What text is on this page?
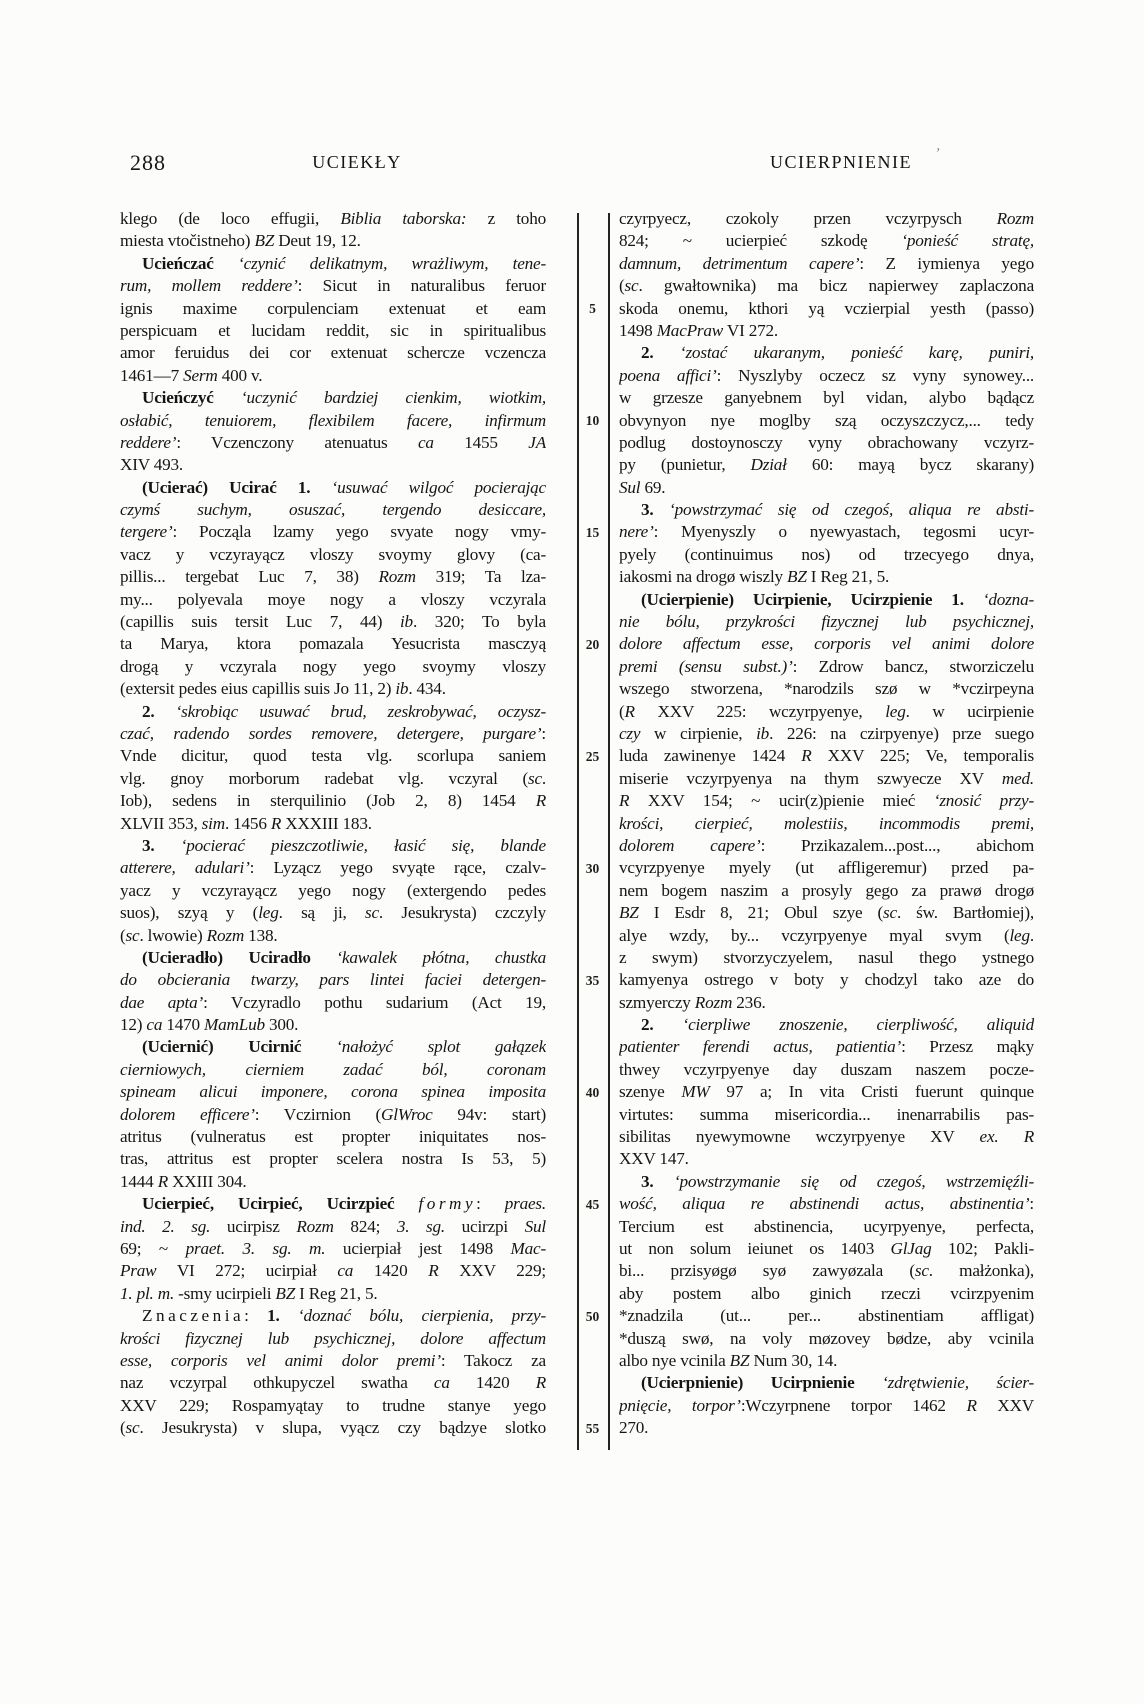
288	UCIEKŁY	UCIERPNIENIE
5
10
15
20
25
30
35
40
45
50
55
klego (de loco effugii, Biblia taborska: z toho
miesta vtočistneho) BZ Deut 19, 12.
Ucieńczać ‘czynić delikatnym, wrażliwym, tene-
rum, mollem reddere’: Sicut in naturalibus feruor
ignis maxime corpulenciam extenuat et eam
perspicuam et lucidam reddit, sic in spiritualibus
amor feruidus dei cor extenuat schercze vczencza
1461—7 Serm 400 v.
Ucieńczyć ‘uczynić bardziej cienkim, wiotkim,
osłabić, tenuiorem, flexibilem facere, infirmum
reddere’: Vczenczony atenuatus ca 1455 JA
XIV 493.
(Ucierać) Ucirać 1. ‘usuwać wilgoć pocierając
czymś suchym, osuszać, tergendo desiccare,
tergere’: Począla lzamy yego svyate nogy vmy-
vacz y vczyrayącz vloszy svoymy glovy (ca-
pillis... tergebat Luc 7, 38) Rozm 319; Ta lza-
my... polyevala moye nogy a vloszy vczyrala
(capillis suis tersit Luc 7, 44) ib. 320; To byla
ta Marya, ktora pomazala Yesucrista masczyą
drogą y vczyrala nogy yego svoymy vloszy
(extersit pedes eius capillis suis Jo 11, 2) ib. 434.
2. ‘skrobiąc usuwać brud, zeskrobywać, oczysz-
czać, radendo sordes removere, detergere, purgare’:
Vnde dicitur, quod testa vlg. scorlupa saniem
vlg. gnoy morborum radebat vlg. vczyral (sc.
Iob), sedens in sterquilinio (Job 2, 8) 1454 R
XLVII 353, sim. 1456 R XXXIII 183.
3. ‘pocierać pieszczotliwie, łasić się, blande
atterere, adulari’: Lyzącz yego svyąte rące, czalv-
yacz y vczyrayącz yego nogy (extergendo pedes
suos), szyą y (leg. są ji, sc. Jesukrysta) czczyly
(sc. lwowie) Rozm 138.
(Ucieradło) Uciradło ‘kawalek płótna, chustka
do obcierania twarzy, pars lintei faciei detergen-
dae apta’: Vczyradlo pothu sudarium (Act 19,
12) ca 1470 MamLub 300.
(Uciernić) Ucirnić ‘nałożyć splot gałązek
cierniowych, cierniem zadać ból, coronam
spineam alicui imponere, corona spinea imposita
dolorem efficere’: Vczirnion (GlWroc 94v: start)
atritus (vulneratus est propter iniquitates nos-
tras, attritus est propter scelera nostra Is 53, 5)
1444 R XXIII 304.
Ucierpieć, Ucirpieć, Ucirzpieć formy: praes.
ind. 2. sg. ucirpisz Rozm 824; 3. sg. ucirzpi Sul
69; ~ praet. 3. sg. m. ucierpiał jest 1498 Mac-
Praw VI 272; ucirpiał ca 1420 R XXV 229;
1. pl. m. -smy ucirpieli BZ I Reg 21, 5.
Znaczenia: 1. ‘doznać bólu, cierpienia, przy-
krości fizycznej lub psychicznej, dolore affectum
esse, corporis vel animi dolor premi’: Takocz za
naz vczyrpal othkupyczel swatha ca 1420 R
XXV 229; Rospamyątay to trudne stanye yego
(sc. Jesukrysta) v slupa, vyącz czy bądzye slotko
czyrpyecz, czokoly przen vczyrpysch Rozm
824; ~ ucierpieć szkodę ‘ponieść stratę,
damnum, detrimentum capere’: Z iymienya yego
(sc. gwałtownika) ma bicz napierwey zaplaczona
skoda onemu, kthori yą vczierpial yesth (passo)
1498 MacPraw VI 272.
2. ‘zostać ukaranym, ponieść karę, puniri,
poena affici’: Nyszlyby oczecz sz vyny synowey...
w grzesze ganyebnem byl vidan, alybo bądącz
obvynyon nye moglby szą oczyszczycz,... tedy
podlug dostoynosczy vyny obrachowany vczyrz-
py (punietur, Dział 60: mayą bycz skarany)
Sul 69.
3. ‘powstrzymać się od czegoś, aliqua re absti-
nere’: Myenyszly o nyewyastach, tegosmi ucyr-
pyely (continuimus nos) od trzecyego dnya,
iakosmi na drogø wiszly BZ I Reg 21, 5.
(Ucierpienie) Ucirpienie, Ucirzpienie 1. ‘dozna-
nie bólu, przykrości fizycznej lub psychicznej,
dolore affectum esse, corporis vel animi dolore
premi (sensu subst.)’: Zdrow bancz, stworziczelu
wszego stworzena, *narodzils szø w *vczirpeyna
(R XXV 225: wczyrpyenye, leg. w ucirpienie
czy w cirpienie, ib. 226: na czirpyenye) prze suego
luda zawinenye 1424 R XXV 225; Ve, temporalis
miserie vczyrpyenya na thym szwyecze XV med.
R XXV 154; ~ ucir(z)pienie mieć ‘znosić przy-
krości, cierpieć, molestiis, incommodis premi,
dolorem capere’: Przikazalem...post..., abichom
vcyrzpyenye myely (ut affligeremur) przed pa-
nem bogem naszim a prosyly gego za prawø drogø
BZ I Esdr 8, 21; Obul szye (sc. św. Bartłomiej),
alye wzdy, by... vczyrpyenye myal svym (leg.
z swym) stvorzyczyelem, nasul thego ystnego
kamyenya ostrego v boty y chodzyl tako aze do
szmyerczy Rozm 236.
2. ‘cierpliwe znoszenie, cierpliwość, aliquid
patienter ferendi actus, patientia’: Przesz mąky
thwey vczyrpyenye day duszam naszem pocze-
szenye MW 97 a; In vita Cristi fuerunt quinque
virtutes: summa misericordia... inenarrabilis pas-
sibilitas nyewymowne wczyrpyenye XV ex. R
XXV 147.
3. ‘powstrzymanie się od czegoś, wstrzemięźli-
wość, aliqua re abstinendi actus, abstinentia’:
Tercium est abstinencia, ucyrpyenye, perfecta,
ut non solum ieiunet os 1403 GlJag 102; Pakli-
bi... przisyøgø syø zawyøzala (sc. małżonka),
aby postem albo ginich rzeczi vcirzpyenim
*znadzila (ut... per... abstinentiam affligat)
*duszą swø, na voly møzovey bødze, aby vcinila
albo nye vcinila BZ Num 30, 14.
(Ucierpnienie) Ucirpnienie ‘zdrętwienie, ścier-
pnięcie, torpor’:Wczyrpnene torpor 1462 R XXV
270.
’
